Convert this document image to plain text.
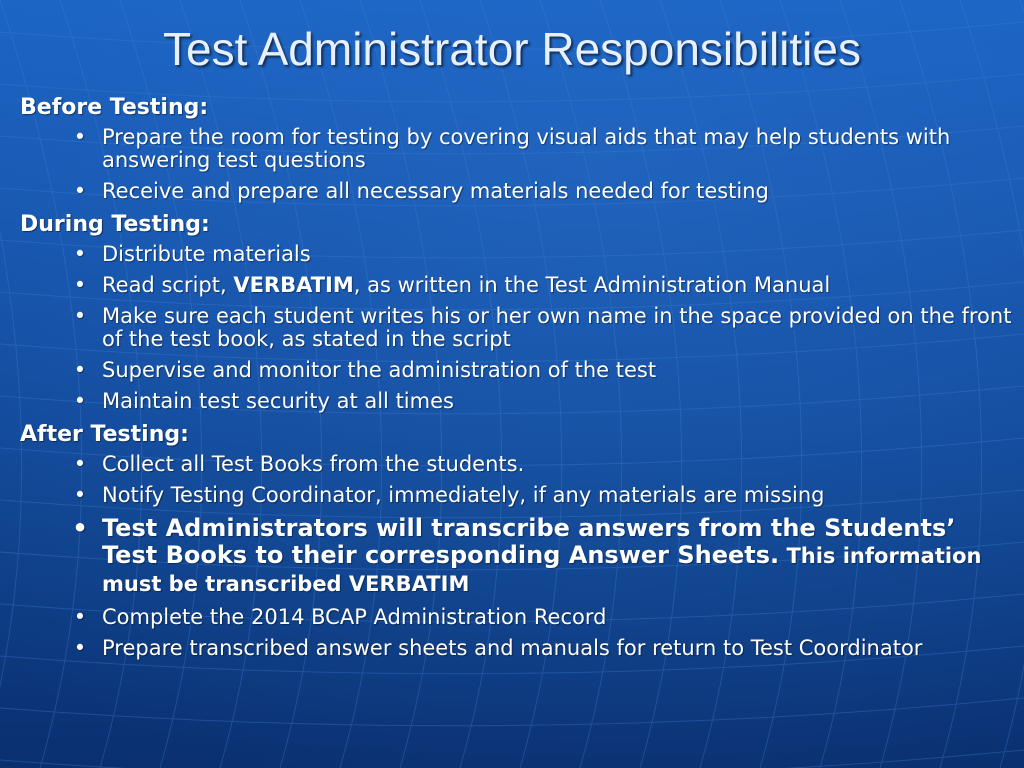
Test Administrator Responsibilities
Before Testing:
• Prepare the room for testing by covering visual aids that may help students with answering test questions
• Receive and prepare all necessary materials needed for testing
During Testing:
• Distribute materials
• Read script, VERBATIM, as written in the Test Administration Manual
• Make sure each student writes his or her own name in the space provided on the front of the test book, as stated in the script
• Supervise and monitor the administration of the test
• Maintain test security at all times
After Testing:
• Collect all Test Books from the students.
• Notify Testing Coordinator, immediately, if any materials are missing
• Test Administrators will transcribe answers from the Students’ Test Books to their corresponding Answer Sheets. This information must be transcribed VERBATIM
• Complete the 2014 BCAP Administration Record
• Prepare transcribed answer sheets and manuals for return to Test Coordinator
